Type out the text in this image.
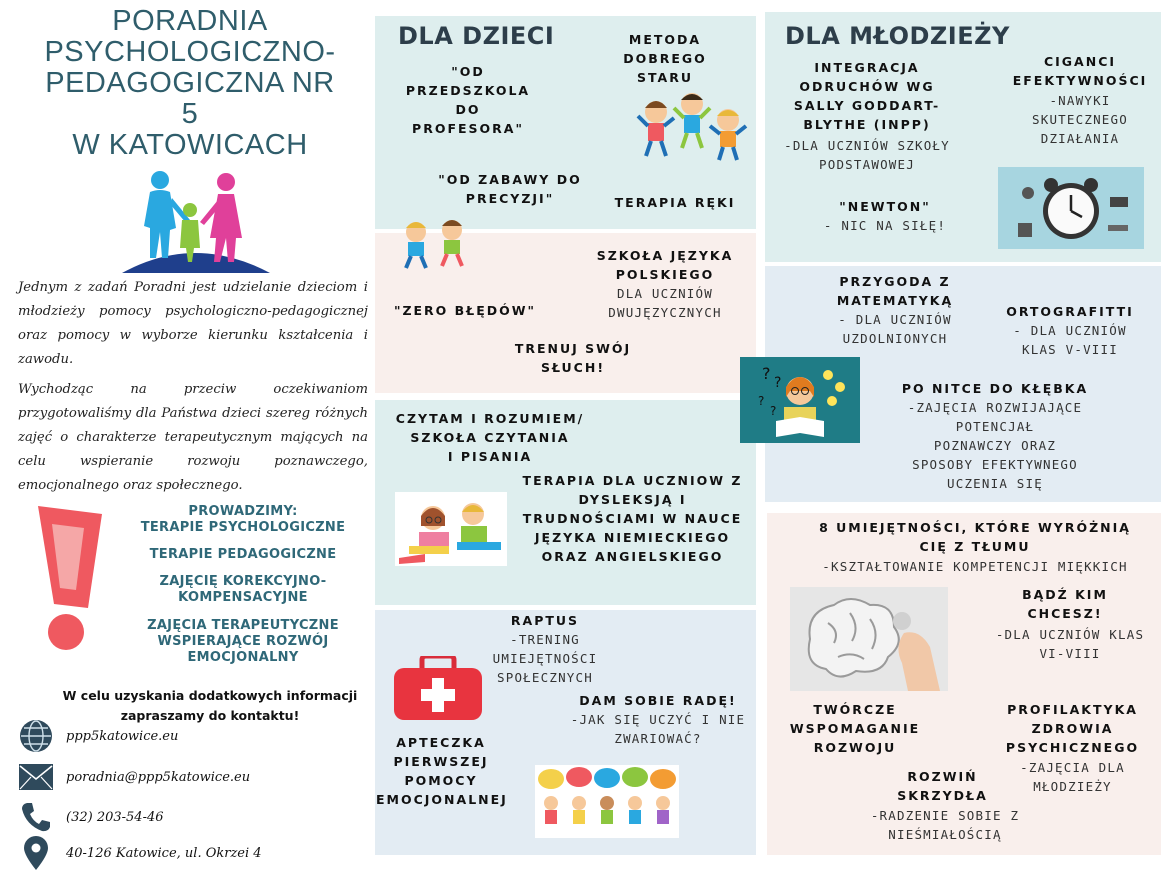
PORADNIA
PSYCHOLOGICZNO-
PEDAGOGICZNA NR 5
W KATOWICACH
Jednym z zadań Poradni jest udzielanie dzieciom i młodzieży pomocy psychologiczno-pedagogicznej oraz pomocy w wyborze kierunku kształcenia i zawodu.
Wychodząc na przeciw oczekiwaniom przygotowaliśmy dla Państwa dzieci szereg różnych zajęć o charakterze terapeutycznym mających na celu wspieranie rozwoju poznawczego, emocjonalnego oraz społecznego.
PROWADZIMY:
TERAPIE PSYCHOLOGICZNE
TERAPIE PEDAGOGICZNE
ZAJĘCIĘ KOREKCYJNO-
KOMPENSACYJNE
ZAJĘCIA TERAPEUTYCZNE
WSPIERAJĄCE ROZWÓJ
EMOCJONALNY
W celu uzyskania dodatkowych informacji
zapraszamy do kontaktu!
ppp5katowice.eu
poradnia@ppp5katowice.eu
(32) 203-54-46
40-126 Katowice, ul. Okrzei 4
DLA DZIECI
"OD
PRZEDSZKOLA
DO
PROFESORA"
METODA
DOBREGO
STARU
"OD ZABAWY DO
PRECYZJI"	TERAPIA RĘKI
SZKOŁA JĘZYKA
POLSKIEGO
DLA UCZNIÓW
DWUJĘZYCZNYCH
"ZERO BŁĘDÓW"
TRENUJ SWÓJ
SŁUCH!
CZYTAM I ROZUMIEM/
SZKOŁA CZYTANIA
I PISANIA
TERAPIA DLA UCZNIOW Z
DYSLEKSJĄ I
TRUDNOŚCIAMI W NAUCE
JĘZYKA NIEMIECKIEGO
ORAZ ANGIELSKIEGO
RAPTUS
-TRENING
UMIEJĘTNOŚCI
SPOŁECZNYCH
DAM SOBIE RADĘ!
-JAK SIĘ UCZYĆ I NIE
ZWARIOWAĆ?
APTECZKA
PIERWSZEJ
POMOCY
EMOCJONALNEJ
DLA MŁODZIEŻY
INTEGRACJA
ODRUCHÓW WG
SALLY GODDART-
BLYTHE (INPP)
-DLA UCZNIÓW SZKOŁY
PODSTAWOWEJ
CIGANCI
EFEKTYWNOŚCI
-NAWYKI
SKUTECZNEGO
DZIAŁANIA
"NEWTON"
- NIC NA SIŁĘ!
PRZYGODA Z
MATEMATYKĄ
- DLA UCZNIÓW
UZDOLNIONYCH
ORTOGRAFITTI
- DLA UCZNIÓW
KLAS V-VIII
? ?
?
?
PO NITCE DO KŁĘBKA
-ZAJĘCIA ROZWIJAJĄCE
POTENCJAŁ
POZNAWCZY ORAZ
SPOSOBY EFEKTYWNEGO
UCZENIA SIĘ
8 UMIEJĘTNOŚCI, KTÓRE WYRÓŻNIĄ
CIĘ Z TŁUMU
-KSZTAŁTOWANIE KOMPETENCJI MIĘKKICH
BĄDŹ KIM
CHCESZ!
-DLA UCZNIÓW KLAS
VI-VIII
TWÓRCZE
WSPOMAGANIE
ROZWOJU
PROFILAKTYKA
ZDROWIA
PSYCHICZNEGO
-ZAJĘCIA DLA
MŁODZIEŻY
ROZWIŃ
SKRZYDŁA
-RADZENIE SOBIE Z
NIEŚMIAŁOŚCIĄ
